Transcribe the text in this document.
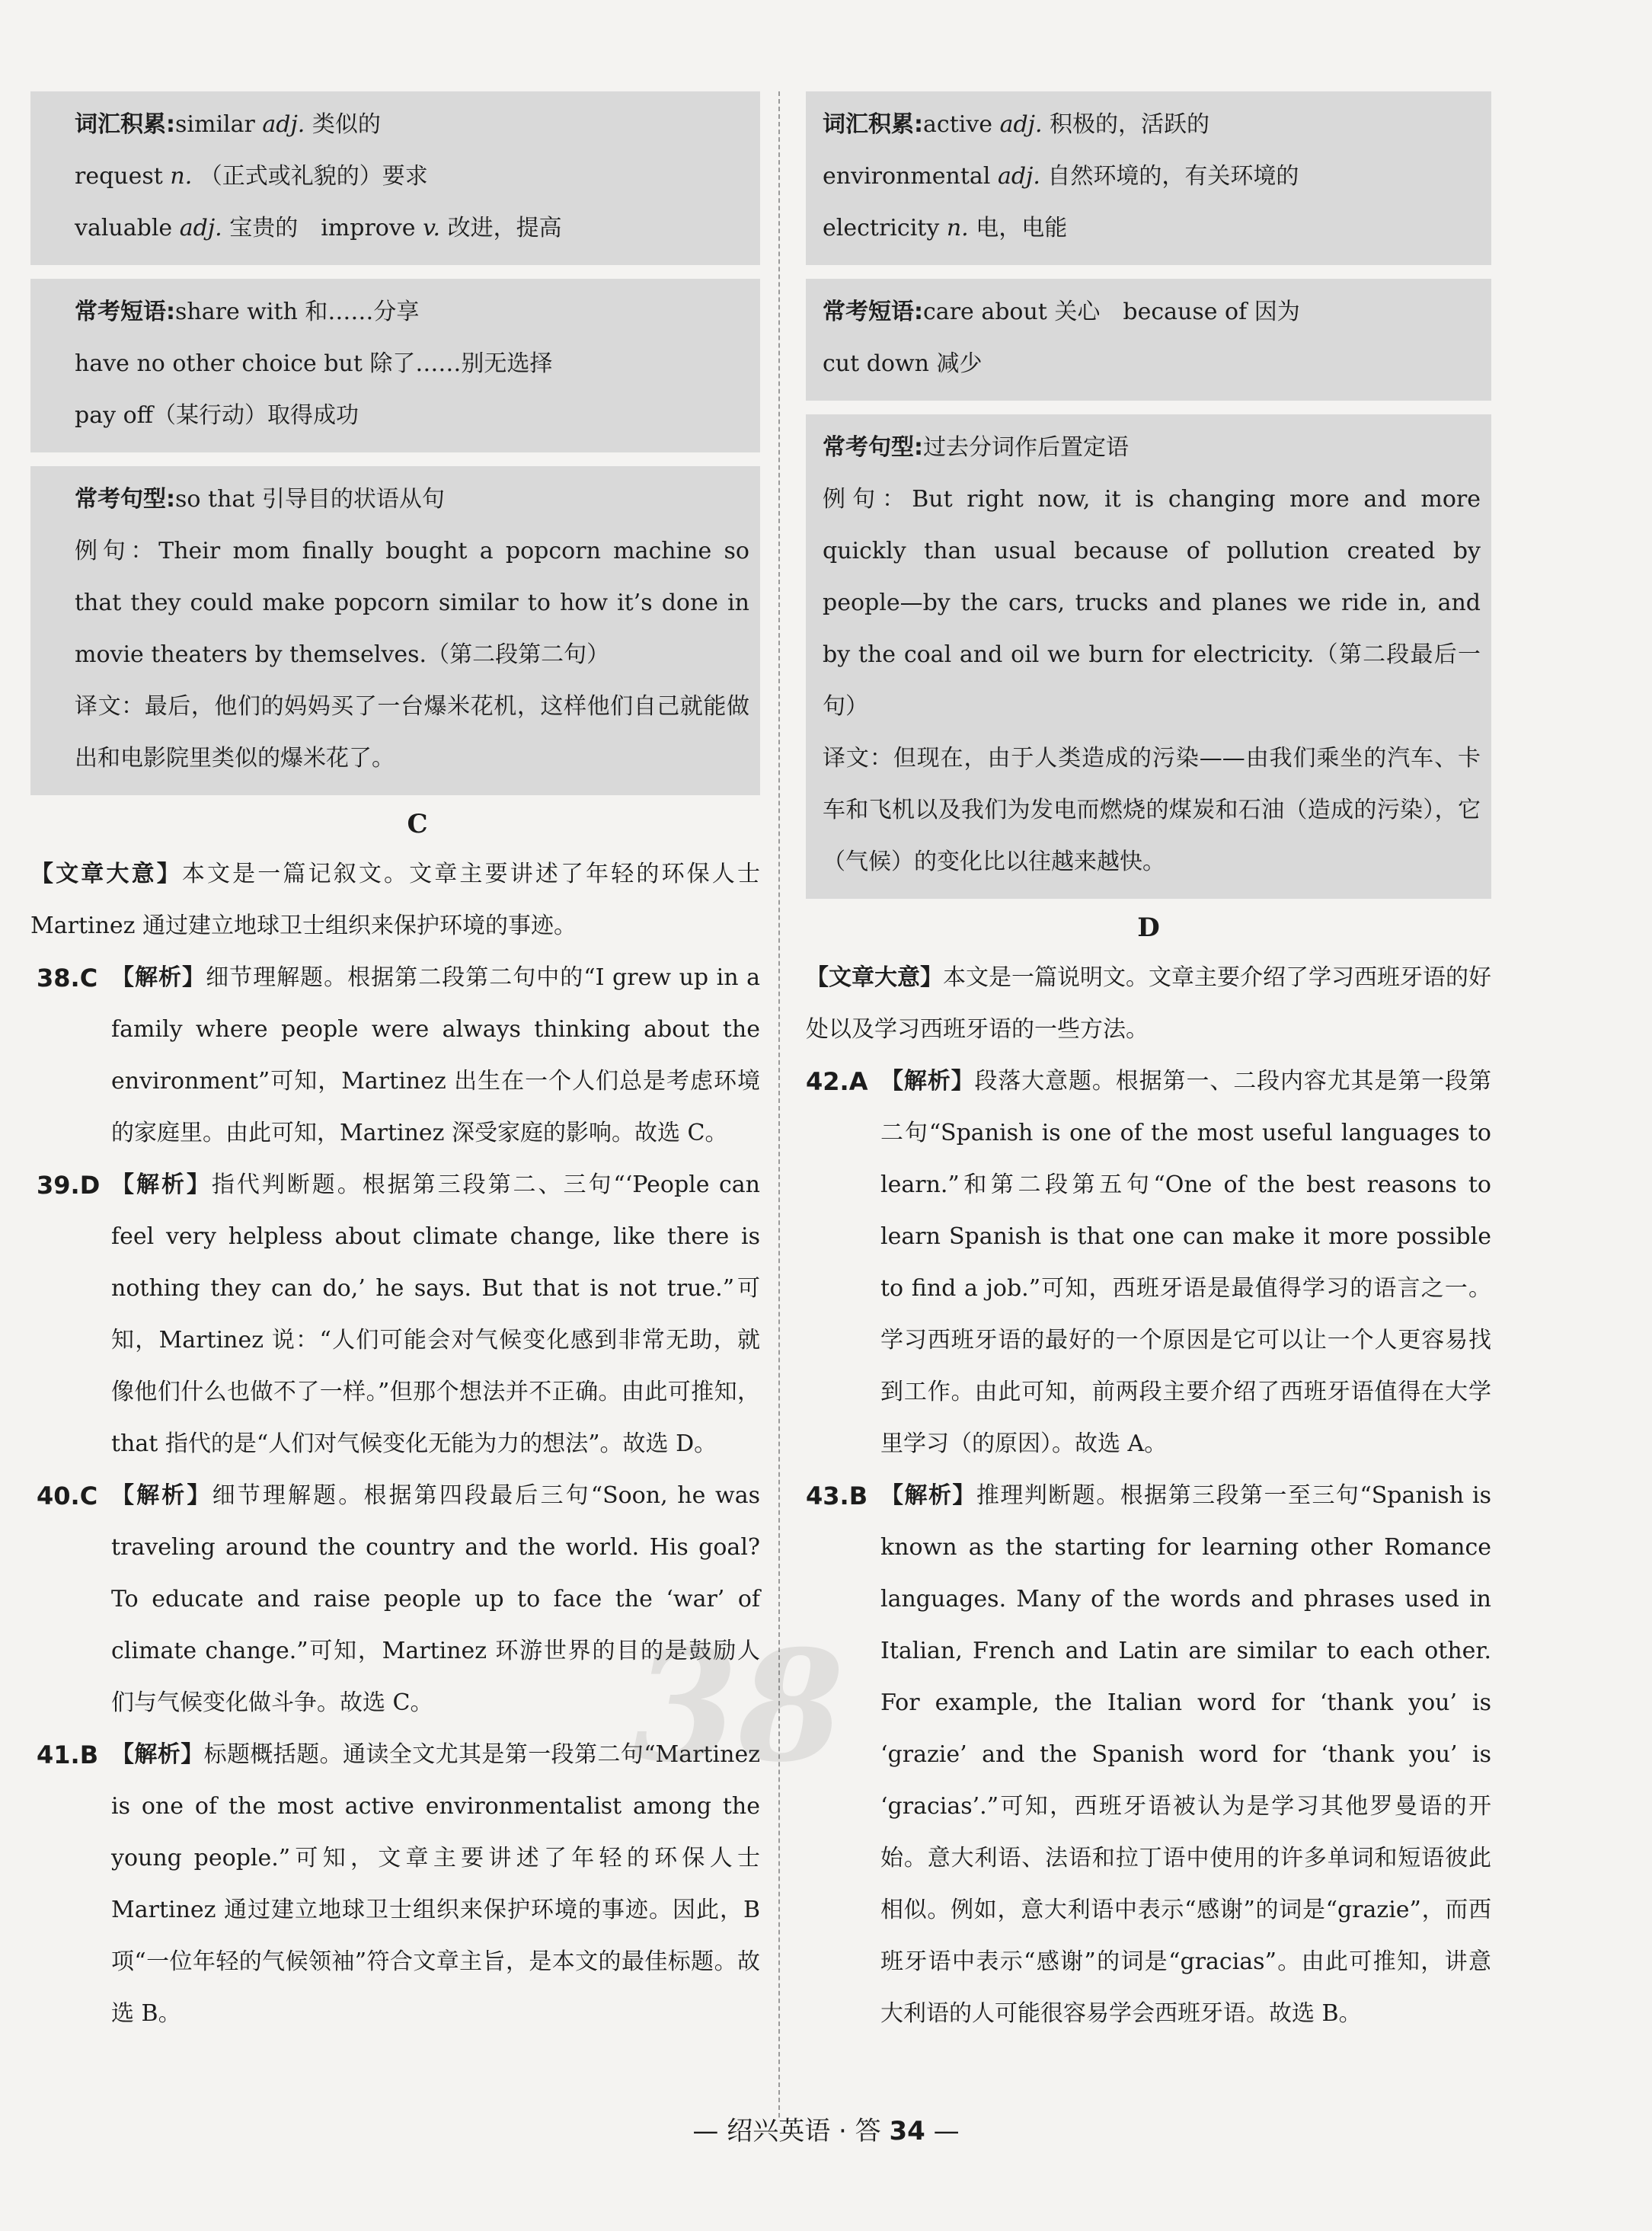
词汇积累:similar adj. 类似的

request n. （正式或礼貌的）要求

valuable adj. 宝贵的　improve v. 改进，提高

常考短语:share with 和……分享

have no other choice but 除了……别无选择

pay off（某行动）取得成功

常考句型:so that 引导目的状语从句

例句：Their mom finally bought a popcorn machine so that they could make popcorn similar to how it’s done in movie theaters by themselves.（第二段第二句）

译文：最后，他们的妈妈买了一台爆米花机，这样他们自己就能做出和电影院里类似的爆米花了。

C

【文章大意】本文是一篇记叙文。文章主要讲述了年轻的环保人士 Martinez 通过建立地球卫士组织来保护环境的事迹。

38.C 【解析】细节理解题。根据第二段第二句中的“I grew up in a family where people were always thinking about the environment”可知，Martinez 出生在一个人们总是考虑环境的家庭里。由此可知，Martinez 深受家庭的影响。故选 C。
39.D 【解析】指代判断题。根据第三段第二、三句“‘People can feel very helpless about climate change, like there is nothing they can do,’ he says. But that is not true.”可知，Martinez 说：“人们可能会对气候变化感到非常无助，就像他们什么也做不了一样。”但那个想法并不正确。由此可推知，that 指代的是“人们对气候变化无能为力的想法”。故选 D。
40.C 【解析】细节理解题。根据第四段最后三句“Soon, he was traveling around the country and the world. His goal? To educate and raise people up to face the ‘war’ of climate change.”可知，Martinez 环游世界的目的是鼓励人们与气候变化做斗争。故选 C。
41.B 【解析】标题概括题。通读全文尤其是第一段第二句“Martinez is one of the most active environmentalist among the young people.”可知，文章主要讲述了年轻的环保人士 Martinez 通过建立地球卫士组织来保护环境的事迹。因此，B 项“一位年轻的气候领袖”符合文章主旨，是本文的最佳标题。故选 B。

词汇积累:active adj. 积极的，活跃的

environmental adj. 自然环境的，有关环境的

electricity n. 电，电能

常考短语:care about 关心　because of 因为

cut down 减少

常考句型:过去分词作后置定语

例句：But right now, it is changing more and more quickly than usual because of pollution created by people—by the cars, trucks and planes we ride in, and by the coal and oil we burn for electricity.（第二段最后一句）

译文：但现在，由于人类造成的污染——由我们乘坐的汽车、卡车和飞机以及我们为发电而燃烧的煤炭和石油（造成的污染），它（气候）的变化比以往越来越快。

D

【文章大意】本文是一篇说明文。文章主要介绍了学习西班牙语的好处以及学习西班牙语的一些方法。

42.A 【解析】段落大意题。根据第一、二段内容尤其是第一段第二句“Spanish is one of the most useful languages to learn.”和第二段第五句“One of the best reasons to learn Spanish is that one can make it more possible to find a job.”可知，西班牙语是最值得学习的语言之一。学习西班牙语的最好的一个原因是它可以让一个人更容易找到工作。由此可知，前两段主要介绍了西班牙语值得在大学里学习（的原因）。故选 A。
43.B 【解析】推理判断题。根据第三段第一至三句“Spanish is known as the starting for learning other Romance languages. Many of the words and phrases used in Italian, French and Latin are similar to each other. For example, the Italian word for ‘thank you’ is ‘grazie’ and the Spanish word for ‘thank you’ is ‘gracias’.”可知，西班牙语被认为是学习其他罗曼语的开始。意大利语、法语和拉丁语中使用的许多单词和短语彼此相似。例如，意大利语中表示“感谢”的词是“grazie”，而西班牙语中表示“感谢”的词是“gracias”。由此可推知，讲意大利语的人可能很容易学会西班牙语。故选 B。
38
— 绍兴英语 · 答 34 —
